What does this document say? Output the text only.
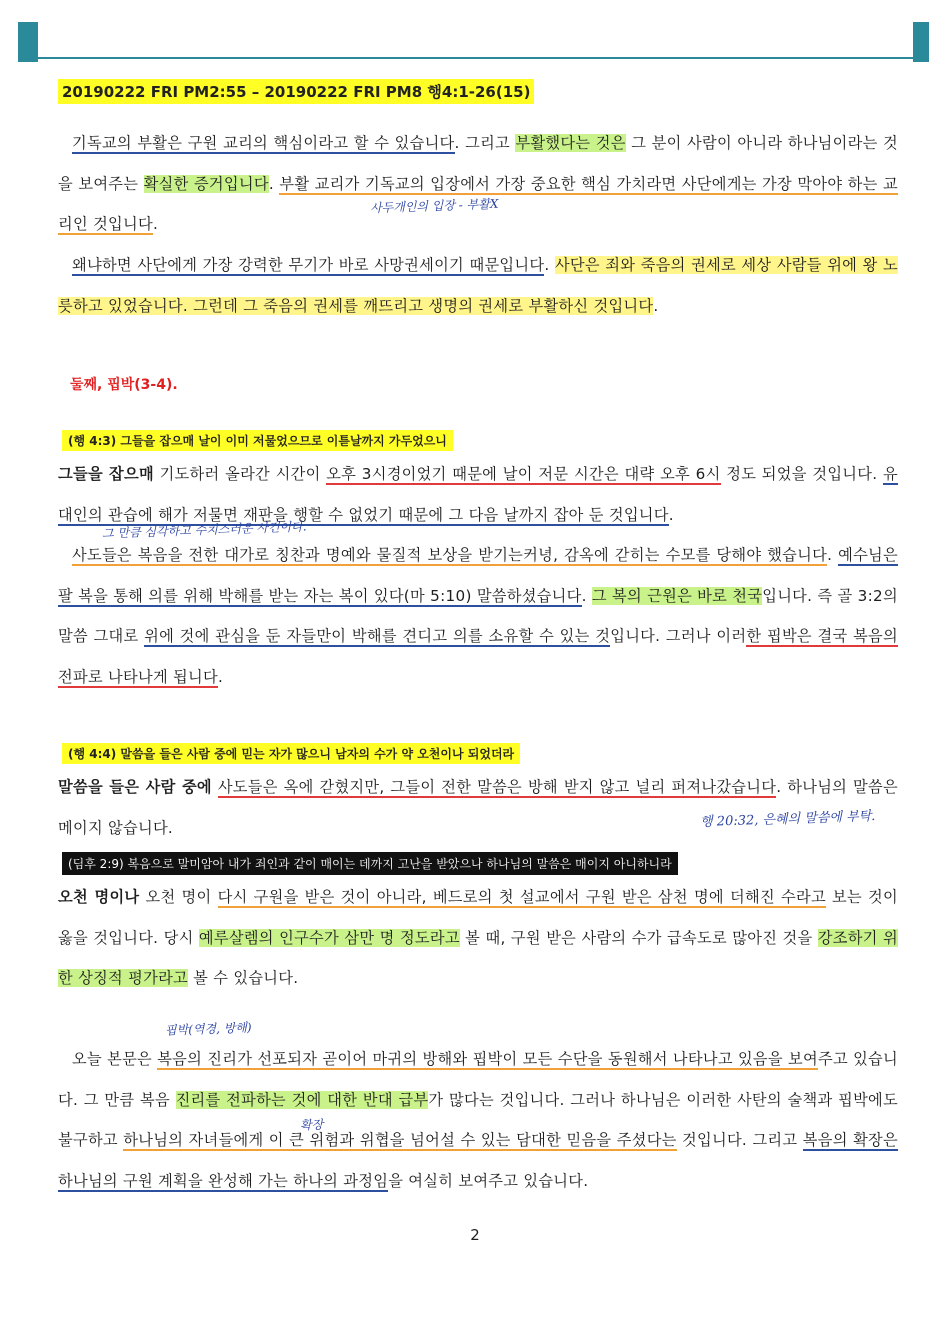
20190222 FRI PM2:55 – 20190222 FRI PM8 행4:1-26(15)
기독교의 부활은 구원 교리의 핵심이라고 할 수 있습니다. 그리고 부활했다는 것은 그 분이 사람이 아니라 하나님이라는 것을 보여주는 확실한 증거입니다. 부활 교리가 기독교의 입장에서 가장 중요한 핵심 가치라면 사단에게는 가장 막아야 하는 교리인 것입니다.
사두개인의 입장 - 부활X
왜냐하면 사단에게 가장 강력한 무기가 바로 사망권세이기 때문입니다. 사단은 죄와 죽음의 권세로 세상 사람들 위에 왕 노릇하고 있었습니다. 그런데 그 죽음의 권세를 깨뜨리고 생명의 권세로 부활하신 것입니다.
둘째, 핍박(3-4).
(행 4:3) 그들을 잡으매 날이 이미 저물었으므로 이튿날까지 가두었으니
그들을 잡으매 기도하러 올라간 시간이 오후 3시경이었기 때문에 날이 저문 시간은 대략 오후 6시 정도 되었을 것입니다. 유대인의 관습에 해가 저물면 재판을 행할 수 없었기 때문에 그 다음 날까지 잡아 둔 것입니다.
그 만큼 심각하고 수치스러운 사건이다.
사도들은 복음을 전한 대가로 칭찬과 명예와 물질적 보상을 받기는커녕, 감옥에 갇히는 수모를 당해야 했습니다. 예수님은 팔 복을 통해 의를 위해 박해를 받는 자는 복이 있다(마 5:10) 말씀하셨습니다. 그 복의 근원은 바로 천국입니다. 즉 골 3:2의 말씀 그대로 위에 것에 관심을 둔 자들만이 박해를 견디고 의를 소유할 수 있는 것입니다. 그러나 이러한 핍박은 결국 복음의 전파로 나타나게 됩니다.
(행 4:4) 말씀을 들은 사람 중에 믿는 자가 많으니 남자의 수가 약 오천이나 되었더라
말씀을 들은 사람 중에 사도들은 옥에 갇혔지만, 그들이 전한 말씀은 방해 받지 않고 널리 퍼져나갔습니다. 하나님의 말씀은 메이지 않습니다.	행 20:32, 은혜의 말씀에 부탁.
(딤후 2:9) 복음으로 말미암아 내가 죄인과 같이 매이는 데까지 고난을 받았으나 하나님의 말씀은 매이지 아니하니라
오천 명이나 오천 명이 다시 구원을 받은 것이 아니라, 베드로의 첫 설교에서 구원 받은 삼천 명에 더해진 수라고 보는 것이 옳을 것입니다. 당시 예루살렘의 인구수가 삼만 명 정도라고 볼 때, 구원 받은 사람의 수가 급속도로 많아진 것을 강조하기 위한 상징적 평가라고 볼 수 있습니다.
핍박(역경, 방해)
확장
오늘 본문은 복음의 진리가 선포되자 곧이어 마귀의 방해와 핍박이 모든 수단을 동원해서 나타나고 있음을 보여주고 있습니다. 그 만큼 복음 진리를 전파하는 것에 대한 반대 급부가 많다는 것입니다. 그러나 하나님은 이러한 사탄의 술책과 핍박에도 불구하고 하나님의 자녀들에게 이 큰 위험과 위협을 넘어설 수 있는 담대한 믿음을 주셨다는 것입니다. 그리고 복음의 확장은 하나님의 구원 계획을 완성해 가는 하나의 과정임을 여실히 보여주고 있습니다.
2
